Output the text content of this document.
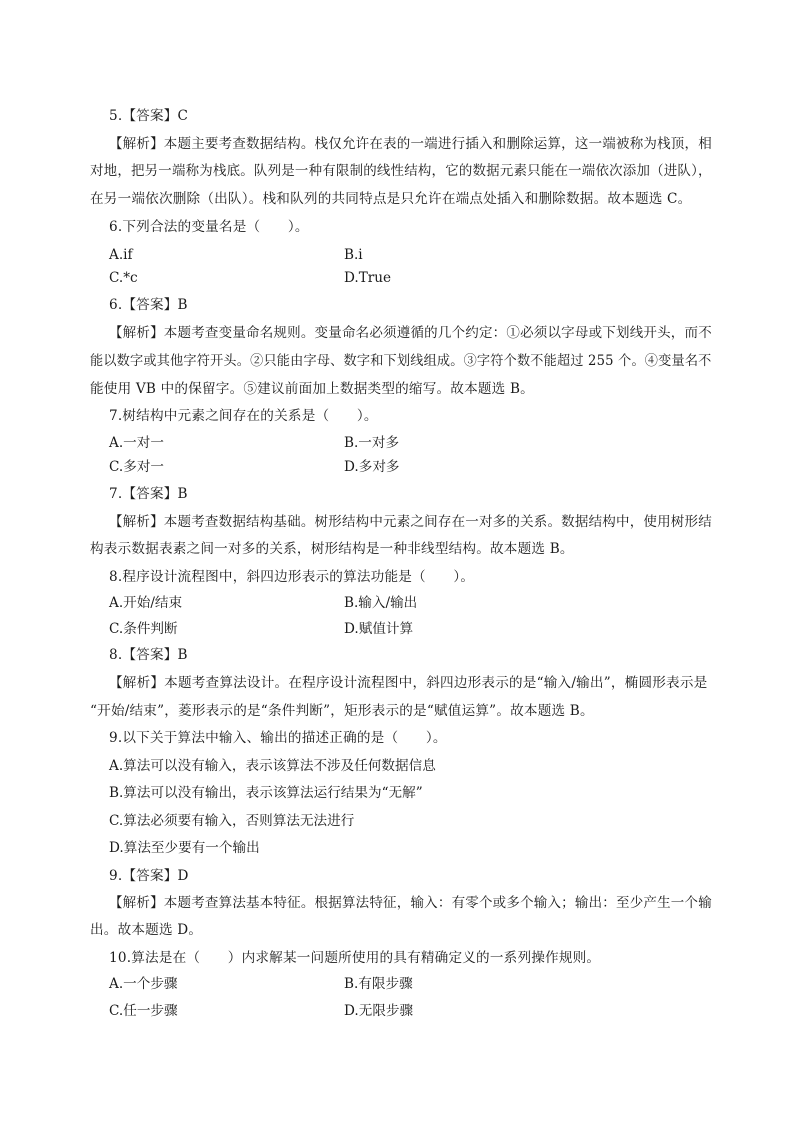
5.【答案】C
【解析】本题主要考查数据结构。栈仅允许在表的一端进行插入和删除运算，这一端被称为栈顶，相
对地，把另一端称为栈底。队列是一种有限制的线性结构，它的数据元素只能在一端依次添加（进队），
在另一端依次删除（出队）。栈和队列的共同特点是只允许在端点处插入和删除数据。故本题选 C。
6.下列合法的变量名是（　　）。
A.if	B.i
C.*c	D.True
6.【答案】B
【解析】本题考查变量命名规则。变量命名必须遵循的几个约定：①必须以字母或下划线开头，而不
能以数字或其他字符开头。②只能由字母、数字和下划线组成。③字符个数不能超过 255 个。④变量名不
能使用 VB 中的保留字。⑤建议前面加上数据类型的缩写。故本题选 B。
7.树结构中元素之间存在的关系是（　　）。
A.一对一	B.一对多
C.多对一	D.多对多
7.【答案】B
【解析】本题考查数据结构基础。树形结构中元素之间存在一对多的关系。数据结构中，使用树形结
构表示数据表素之间一对多的关系，树形结构是一种非线型结构。故本题选 B。
8.程序设计流程图中，斜四边形表示的算法功能是（　　）。
A.开始/结束	B.输入/输出
C.条件判断	D.赋值计算
8.【答案】B
【解析】本题考查算法设计。在程序设计流程图中，斜四边形表示的是“输入/输出”，椭圆形表示是
“开始/结束”，菱形表示的是“条件判断”，矩形表示的是“赋值运算”。故本题选 B。
9.以下关于算法中输入、输出的描述正确的是（　　）。
A.算法可以没有输入，表示该算法不涉及任何数据信息
B.算法可以没有输出，表示该算法运行结果为“无解”
C.算法必须要有输入，否则算法无法进行
D.算法至少要有一个输出
9.【答案】D
【解析】本题考查算法基本特征。根据算法特征，输入：有零个或多个输入；输出：至少产生一个输
出。故本题选 D。
10.算法是在（　　）内求解某一问题所使用的具有精确定义的一系列操作规则。
A.一个步骤	B.有限步骤
C.任一步骤	D.无限步骤
